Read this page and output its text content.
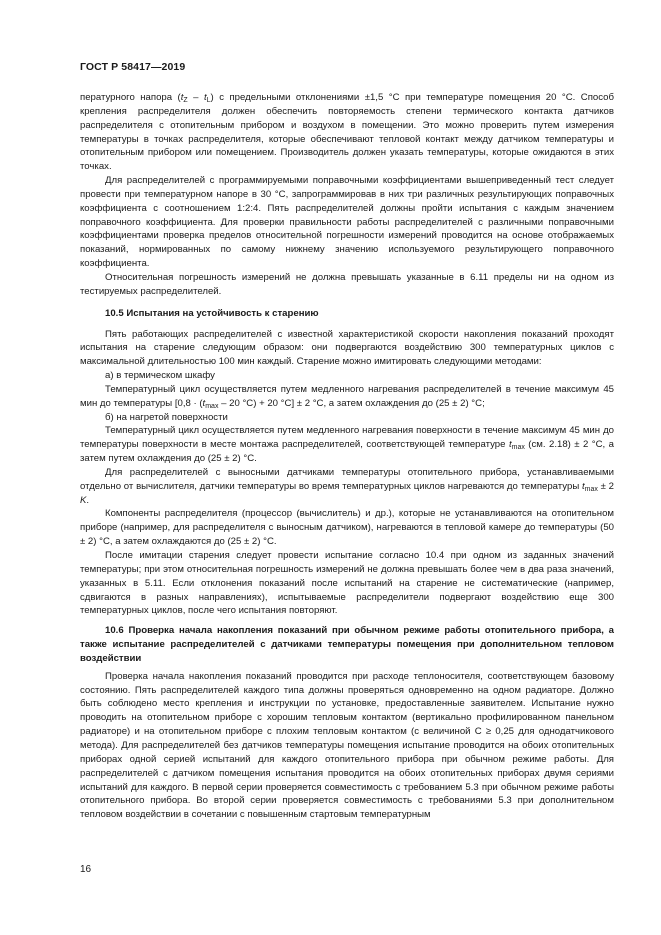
ГОСТ Р 58417—2019

пературного напора $(t_Z - t_L)$ с предельными отклонениями ±1,5 °С при температуре помещения 20 °С. Способ крепления распределителя должен обеспечить повторяемость степени термического контакта датчиков распределителя с отопительным прибором и воздухом в помещении. Это можно проверить путем измерения температуры в точках распределителя, которые обеспечивают тепловой контакт между датчиком температуры и отопительным прибором или помещением. Производитель должен указать температуры, которые ожидаются в этих точках.

Для распределителей с программируемыми поправочными коэффициентами вышеприведенный тест следует провести при температурном напоре в 30 °С, запрограммировав в них три различных результирующих поправочных коэффициента с соотношением 1:2:4. Пять распределителей должны пройти испытания с каждым значением поправочного коэффициента. Для проверки правильности работы распределителей с различными поправочными коэффициентами проверка пределов относительной погрешности измерений проводится на основе отображаемых показаний, нормированных по самому нижнему значению используемого результирующего поправочного коэффициента.

Относительная погрешность измерений не должна превышать указанные в 6.11 пределы ни на одном из тестируемых распределителей.

10.5 Испытания на устойчивость к старению

Пять работающих распределителей с известной характеристикой скорости накопления показаний проходят испытания на старение следующим образом: они подвергаются воздействию 300 температурных циклов с максимальной длительностью 100 мин каждый. Старение можно имитировать следующими методами:

а) в термическом шкафу

Температурный цикл осуществляется путем медленного нагревания распределителей в течение максимум 45 мин до температуры [$0,8 \cdot (t_{max} - 20$ °С) + 20 °С] ± 2 °С, а затем охлаждения до (25 ± 2) °С;

б) на нагретой поверхности

Температурный цикл осуществляется путем медленного нагревания поверхности в течение максимум 45 мин до температуры поверхности в месте монтажа распределителей, соответствующей температуре $t_{max}$ (см. 2.18) ± 2 °С, а затем путем охлаждения до (25 ± 2) °С.

Для распределителей с выносными датчиками температуры отопительного прибора, устанавливаемыми отдельно от вычислителя, датчики температуры во время температурных циклов нагреваются до температуры $t_{max} \pm 2$ K.

Компоненты распределителя (процессор (вычислитель) и др.), которые не устанавливаются на отопительном приборе (например, для распределителя с выносным датчиком), нагреваются в тепловой камере до температуры (50 ± 2) °С, а затем охлаждаются до (25 ± 2) °С.

После имитации старения следует провести испытание согласно 10.4 при одном из заданных значений температуры; при этом относительная погрешность измерений не должна превышать более чем в два раза значений, указанных в 5.11. Если отклонения показаний после испытаний на старение не систематические (например, сдвигаются в разных направлениях), испытываемые распределители подвергают воздействию еще 300 температурных циклов, после чего испытания повторяют.

10.6 Проверка начала накопления показаний при обычном режиме работы отопительного прибора, а также испытание распределителей с датчиками температуры помещения при дополнительном тепловом воздействии

Проверка начала накопления показаний проводится при расходе теплоносителя, соответствующем базовому состоянию. Пять распределителей каждого типа должны проверяться одновременно на одном радиаторе. Должно быть соблюдено место крепления и инструкции по установке, предоставленные заявителем. Испытание нужно проводить на отопительном приборе с хорошим тепловым контактом (вертикально профилированном панельном радиаторе) и на отопительном приборе с плохим тепловым контактом (с величиной С ≥ 0,25 для однодатчикового метода). Для распределителей без датчиков температуры помещения испытание проводится на обоих отопительных приборах одной серией испытаний для каждого отопительного прибора при обычном режиме работы. Для распределителей с датчиком помещения испытания проводится на обоих отопительных приборах двумя сериями испытаний для каждого. В первой серии проверяется совместимость с требованием 5.3 при обычном режиме работы отопительного прибора. Во второй серии проверяется совместимость с требованиями 5.3 при дополнительном тепловом воздействии в сочетании с повышенным стартовым температурным

16
